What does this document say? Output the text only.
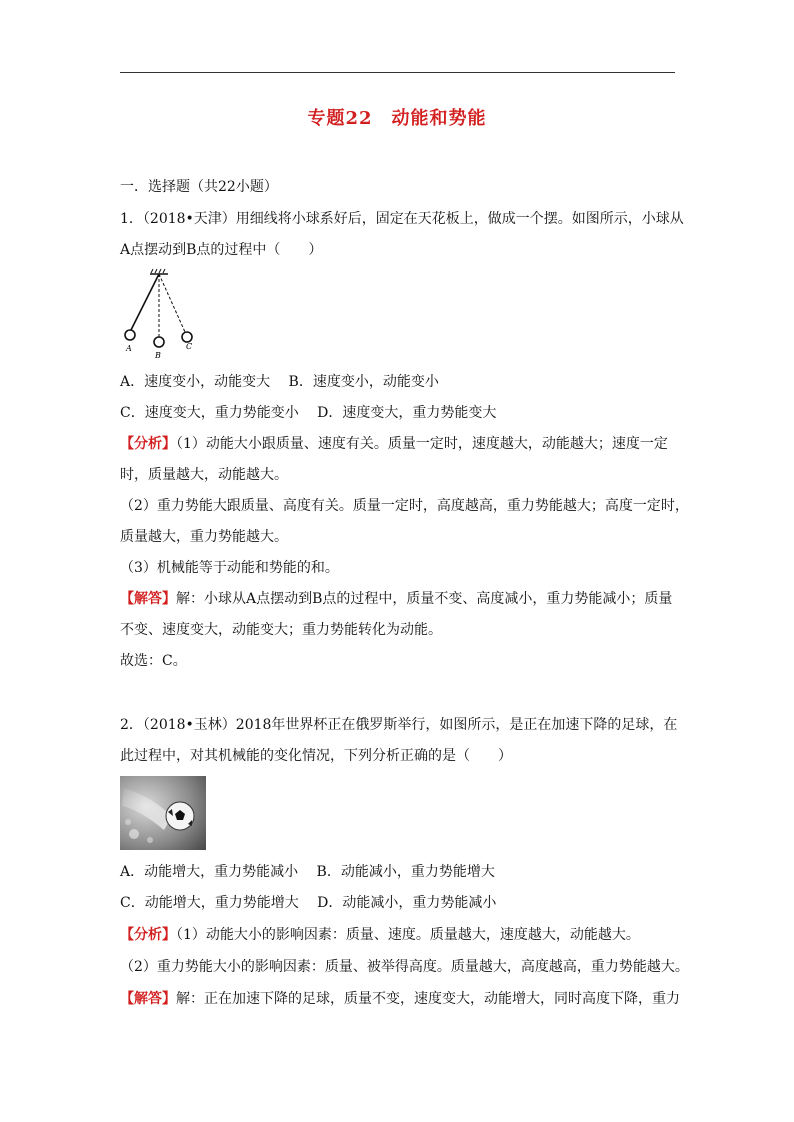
专题22　动能和势能
一．选择题（共22小题）
1．（2018•天津）用细线将小球系好后，固定在天花板上，做成一个摆。如图所示，小球从
A点摆动到B点的过程中（　　）
A
B
C
A．速度变小，动能变大　 B．速度变小，动能变小
C．速度变大，重力势能变小　 D．速度变大，重力势能变大
【分析】（1）动能大小跟质量、速度有关。质量一定时，速度越大，动能越大；速度一定
时，质量越大，动能越大。
（2）重力势能大跟质量、高度有关。质量一定时，高度越高，重力势能越大；高度一定时，
质量越大，重力势能越大。
（3）机械能等于动能和势能的和。
【解答】解：小球从A点摆动到B点的过程中，质量不变、高度减小，重力势能减小；质量
不变、速度变大，动能变大；重力势能转化为动能。
故选：C。
2．（2018•玉林）2018年世界杯正在俄罗斯举行，如图所示，是正在加速下降的足球，在
此过程中，对其机械能的变化情况，下列分析正确的是（　　）
A．动能增大，重力势能减小　 B．动能减小，重力势能增大
C．动能增大，重力势能增大　 D．动能减小，重力势能减小
【分析】（1）动能大小的影响因素：质量、速度。质量越大，速度越大，动能越大。
（2）重力势能大小的影响因素：质量、被举得高度。质量越大，高度越高，重力势能越大。
【解答】解：正在加速下降的足球，质量不变，速度变大，动能增大，同时高度下降，重力
